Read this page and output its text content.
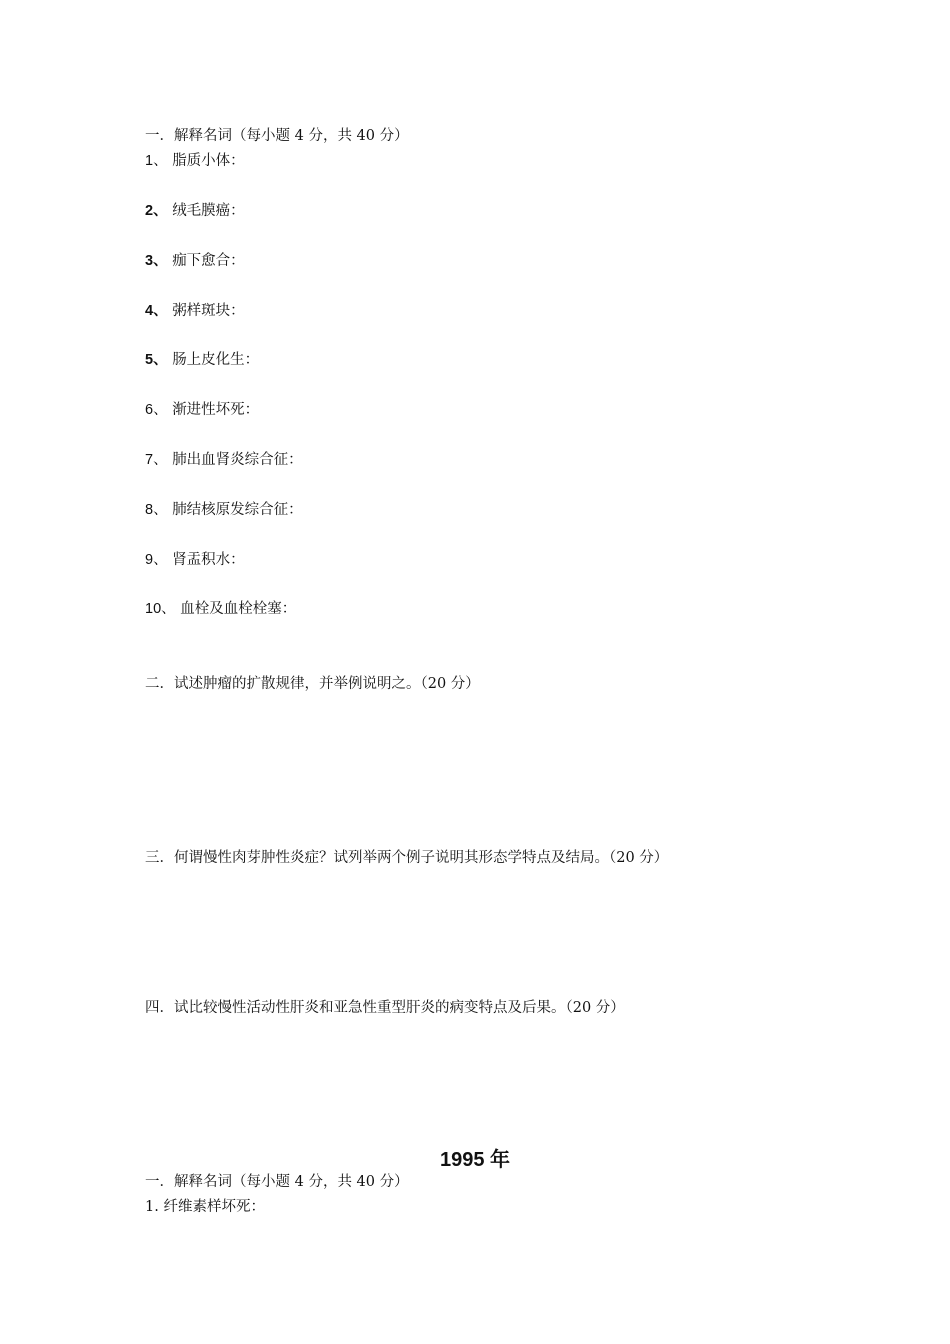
一．解释名词（每小题 4 分，共 40 分）
1、 脂质小体：
2、 绒毛膜癌：
3、 痂下愈合：
4、 粥样斑块：
5、 肠上皮化生：
6、 渐进性坏死：
7、 肺出血肾炎综合征：
8、 肺结核原发综合征：
9、 肾盂积水：
10、 血栓及血栓栓塞：
二．试述肿瘤的扩散规律，并举例说明之。（20 分）
三．何谓慢性肉芽肿性炎症？试列举两个例子说明其形态学特点及结局。（20 分）
四．试比较慢性活动性肝炎和亚急性重型肝炎的病变特点及后果。（20 分）
1995 年
一．解释名词（每小题 4 分，共 40 分）
1. 纤维素样坏死：
